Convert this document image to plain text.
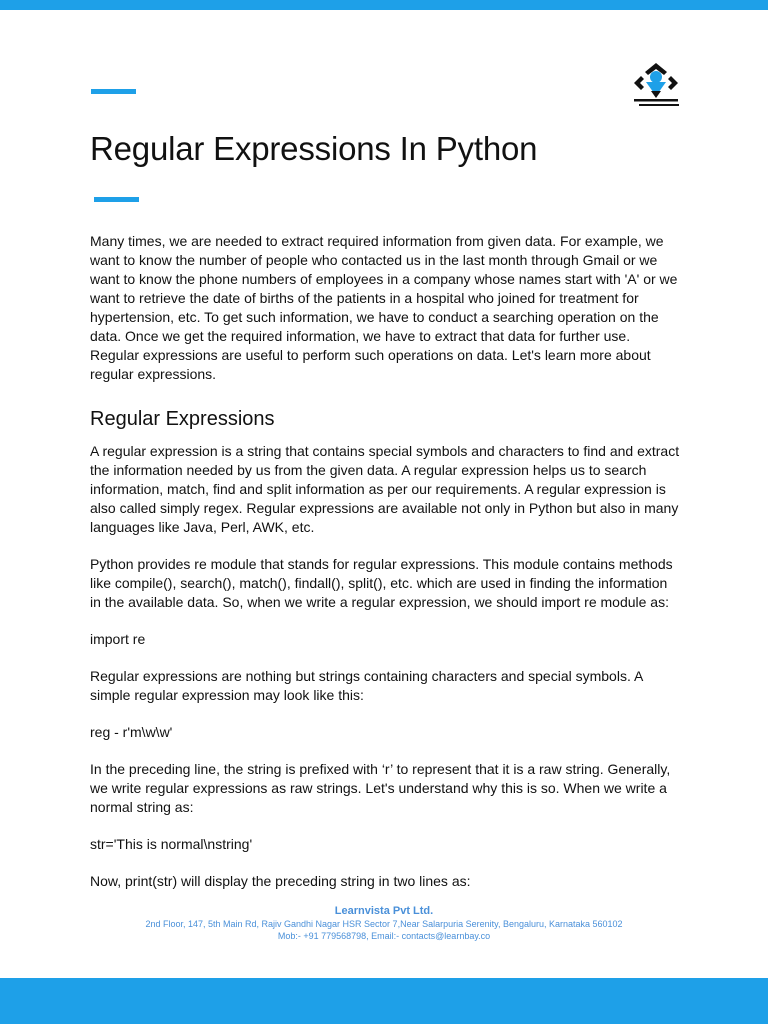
Regular Expressions In Python

Many times, we are needed to extract required information from given data. For example, we want to know the number of people who contacted us in the last month through Gmail or we want to know the phone numbers of employees in a company whose names start with 'A' or we want to retrieve the date of births of the patients in a hospital who joined for treatment for hypertension, etc. To get such information, we have to conduct a searching operation on the data. Once we get the required information, we have to extract that data for further use. Regular expressions are useful to perform such operations on data. Let's learn more about regular expressions.

Regular Expressions

A regular expression is a string that contains special symbols and characters to find and extract the information needed by us from the given data. A regular expression helps us to search information, match, find and split information as per our requirements. A regular expression is also called simply regex. Regular expressions are available not only in Python but also in many languages like Java, Perl, AWK, etc.

Python provides re module that stands for regular expressions. This module contains methods like compile(), search(), match(), findall(), split(), etc. which are used in finding the information in the available data. So, when we write a regular expression, we should import re module as:

import re

Regular expressions are nothing but strings containing characters and special symbols. A simple regular expression may look like this:

reg - r'm\w\w'

In the preceding line, the string is prefixed with ‘r’ to represent that it is a raw string. Generally, we write regular expressions as raw strings. Let's understand why this is so. When we write a normal string as:

str='This is normal\nstring'

Now, print(str) will display the preceding string in two lines as:

Learnvista Pvt Ltd.
2nd Floor, 147, 5th Main Rd, Rajiv Gandhi Nagar HSR Sector 7,Near Salarpuria Serenity, Bengaluru, Karnataka 560102
Mob:- +91 779568798, Email:- contacts@learnbay.co
